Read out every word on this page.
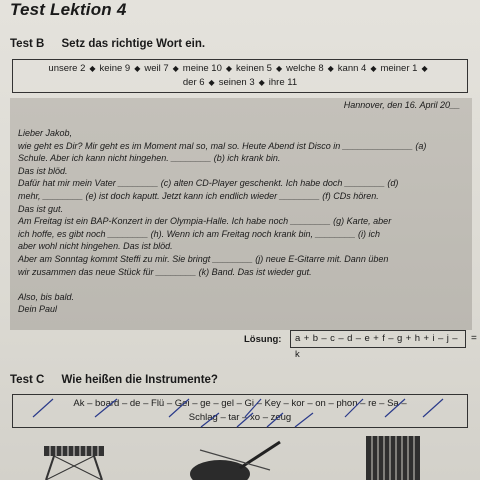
Test Lektion 4
Test B Setz das richtige Wort ein.
unsere 2 ◆ keine 9 ◆ weil 7 ◆ meine 10 ◆ keinen 5 ◆ welche 8 ◆ kann 4 ◆ meiner 1 ◆
der 6 ◆ seinen 3 ◆ ihre 11
Hannover, den 16. April 20__
Lieber Jakob,
wie geht es Dir? Mir geht es im Moment mal so, mal so. Heute Abend ist Disco in ______________ (a)
Schule. Aber ich kann nicht hingehen. ________ (b) ich krank bin.
Das ist blöd.
Dafür hat mir mein Vater ________ (c) alten CD-Player geschenkt. Ich habe doch ________ (d)
mehr, ________ (e) ist doch kaputt. Jetzt kann ich endlich wieder ________ (f) CDs hören.
Das ist gut.
Am Freitag ist ein BAP-Konzert in der Olympia-Halle. Ich habe noch ________ (g) Karte, aber
ich hoffe, es gibt noch ________ (h). Wenn ich am Freitag noch krank bin, ________ (i) ich
aber wohl nicht hingehen. Das ist blöd.
Aber am Sonntag kommt Steffi zu mir. Sie bringt ________ (j) neue E-Gitarre mit. Dann üben
wir zusammen das neue Stück für ________ (k) Band. Das ist wieder gut.
Also, bis bald.
Dein Paul
Lösung:	a + b – c – d – e + f – g + h + i – j – k
=
Test C Wie heißen die Instrumente?
Ak – board – de – Flü – Gei – ge – gel – Gi – Key – kor – on – phon – re – Sa –
Schlag – tar – xo – zeug
